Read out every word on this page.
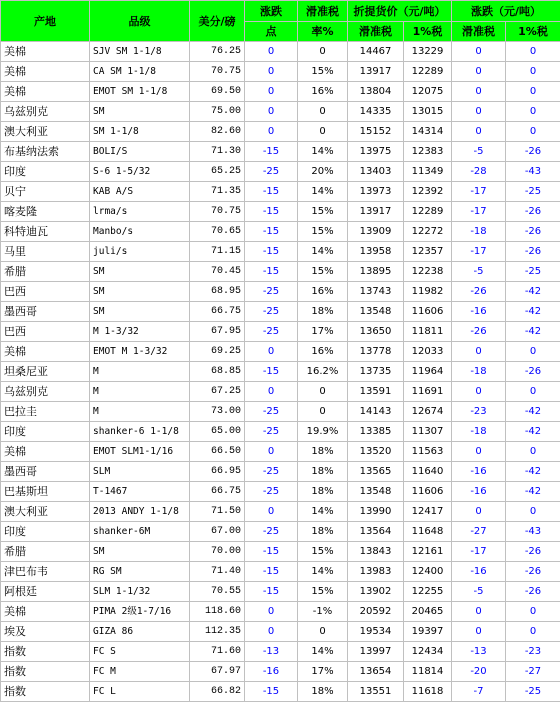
产地	品级	美分/磅	涨跌	滑准税	折提货价（元/吨）		涨跌（元/吨）	
			点	率%	滑准税	1%税	滑准税	1%税
美棉	SJV SM 1-1/8	76.25	0	0	14467	13229	0	0
美棉	CA SM 1-1/8	70.75	0	15%	13917	12289	0	0
美棉	EMOT SM 1-1/8	69.50	0	16%	13804	12075	0	0
乌兹别克	SM	75.00	0	0	14335	13015	0	0
澳大利亚	SM 1-1/8	82.60	0	0	15152	14314	0	0
布基纳法索	BOLI/S	71.30	-15	14%	13975	12383	-5	-26
印度	S-6 1-5/32	65.25	-25	20%	13403	11349	-28	-43
贝宁	KAB A/S	71.35	-15	14%	13973	12392	-17	-25
喀麦隆	lrma/s	70.75	-15	15%	13917	12289	-17	-26
科特迪瓦	Manbo/s	70.65	-15	15%	13909	12272	-18	-26
马里	juli/s	71.15	-15	14%	13958	12357	-17	-26
希腊	SM	70.45	-15	15%	13895	12238	-5	-25
巴西	SM	68.95	-25	16%	13743	11982	-26	-42
墨西哥	SM	66.75	-25	18%	13548	11606	-16	-42
巴西	M 1-3/32	67.95	-25	17%	13650	11811	-26	-42
美棉	EMOT M 1-3/32	69.25	0	16%	13778	12033	0	0
坦桑尼亚	M	68.85	-15	16.2%	13735	11964	-18	-26
乌兹别克	M	67.25	0	0	13591	11691	0	0
巴拉圭	M	73.00	-25	0	14143	12674	-23	-42
印度	shanker-6 1-1/8	65.00	-25	19.9%	13385	11307	-18	-42
美棉	EMOT SLM1-1/16	66.50	0	18%	13520	11563	0	0
墨西哥	SLM	66.95	-25	18%	13565	11640	-16	-42
巴基斯坦	T-1467	66.75	-25	18%	13548	11606	-16	-42
澳大利亚	2013 ANDY 1-1/8	71.50	0	14%	13990	12417	0	0
印度	shanker-6M	67.00	-25	18%	13564	11648	-27	-43
希腊	SM	70.00	-15	15%	13843	12161	-17	-26
津巴布韦	RG SM	71.40	-15	14%	13983	12400	-16	-26
阿根廷	SLM 1-1/32	70.55	-15	15%	13902	12255	-5	-26
美棉	PIMA 2级1-7/16	118.60	0	-1%	20592	20465	0	0
埃及	GIZA 86	112.35	0	0	19534	19397	0	0
指数	FC S	71.60	-13	14%	13997	12434	-13	-23
指数	FC M	67.97	-16	17%	13654	11814	-20	-27
指数	FC L	66.82	-15	18%	13551	11618	-7	-25
